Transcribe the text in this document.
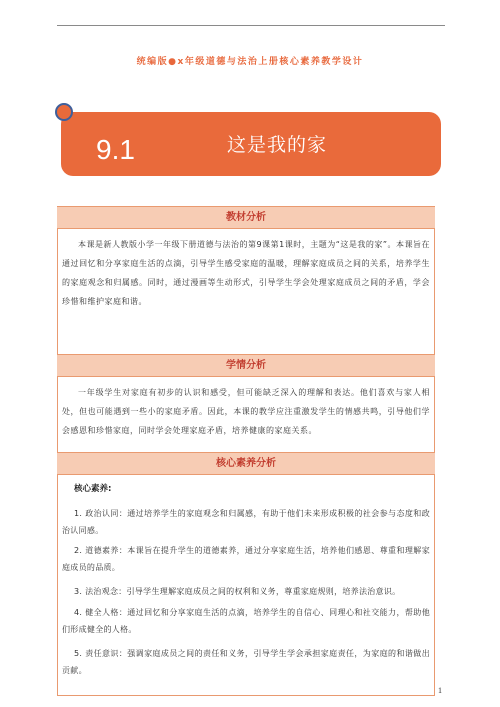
统编版●x年级道德与法治上册核心素养教学设计
9.1	这是我的家
教材分析
本课是新人教版小学一年级下册道德与法治的第9课第1课时，主题为“这是我的家”。本课旨在通过回忆和分享家庭生活的点滴，引导学生感受家庭的温暖，理解家庭成员之间的关系，培养学生的家庭观念和归属感。同时，通过漫画等生动形式，引导学生学会处理家庭成员之间的矛盾，学会珍惜和维护家庭和谐。
学情分析
一年级学生对家庭有初步的认识和感受，但可能缺乏深入的理解和表达。他们喜欢与家人相处，但也可能遇到一些小的家庭矛盾。因此，本课的教学应注重激发学生的情感共鸣，引导他们学会感恩和珍惜家庭，同时学会处理家庭矛盾，培养健康的家庭关系。
核心素养分析
核心素养:
1. 政治认同：通过培养学生的家庭观念和归属感，有助于他们未来形成积极的社会参与态度和政治认同感。
2. 道德素养：本课旨在提升学生的道德素养，通过分享家庭生活，培养他们感恩、尊重和理解家庭成员的品质。
3. 法治观念：引导学生理解家庭成员之间的权利和义务，尊重家庭规则，培养法治意识。
4. 健全人格：通过回忆和分享家庭生活的点滴，培养学生的自信心、同理心和社交能力，帮助他们形成健全的人格。
5. 责任意识：强调家庭成员之间的责任和义务，引导学生学会承担家庭责任，为家庭的和谐做出贡献。
1
